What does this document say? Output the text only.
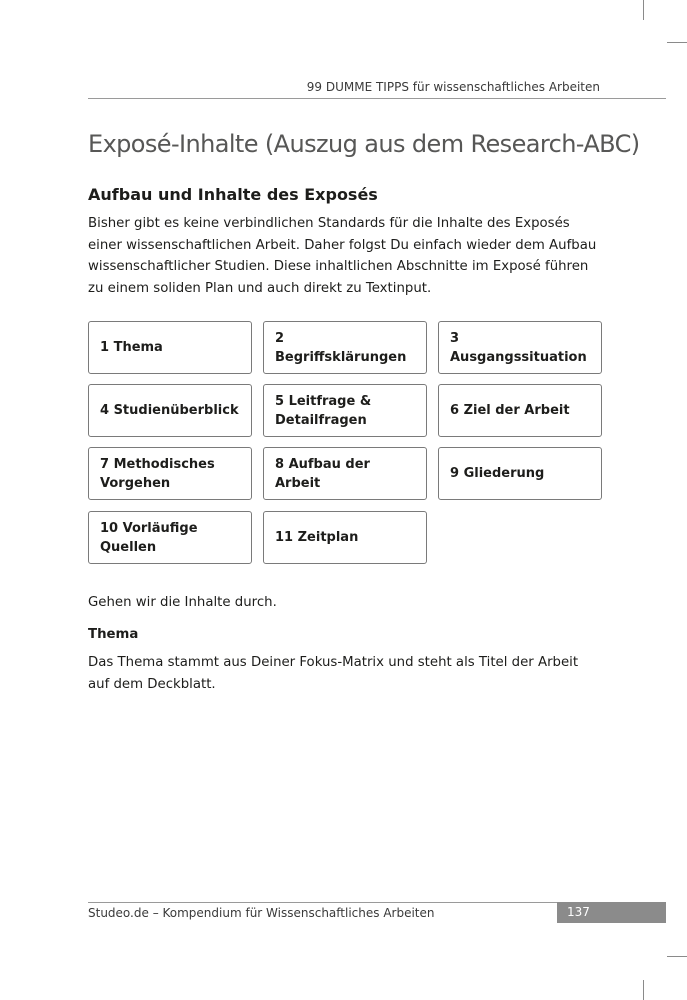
99 DUMME TIPPS für wissenschaftliches Arbeiten
Exposé-Inhalte (Auszug aus dem Research-ABC)
Aufbau und Inhalte des Exposés

Bisher gibt es keine verbindlichen Standards für die Inhalte des Exposés einer wissenschaftlichen Arbeit. Daher folgst Du einfach wieder dem Aufbau wissenschaftlicher Studien. Diese inhaltlichen Abschnitte im Exposé führen zu einem soliden Plan und auch direkt zu Textinput.

1 Thema
2 Begriffsklärungen
3 Ausgangssituation
4 Studienüberblick
5 Leitfrage & Detailfragen
6 Ziel der Arbeit
7 Methodisches Vorgehen
8 Aufbau der Arbeit
9 Gliederung
10 Vorläufige Quellen
11 Zeitplan

Gehen wir die Inhalte durch.

Thema

Das Thema stammt aus Deiner Fokus-Matrix und steht als Titel der Arbeit auf dem Deckblatt.

Studeo.de – Kompendium für Wissenschaftliches Arbeiten	137
